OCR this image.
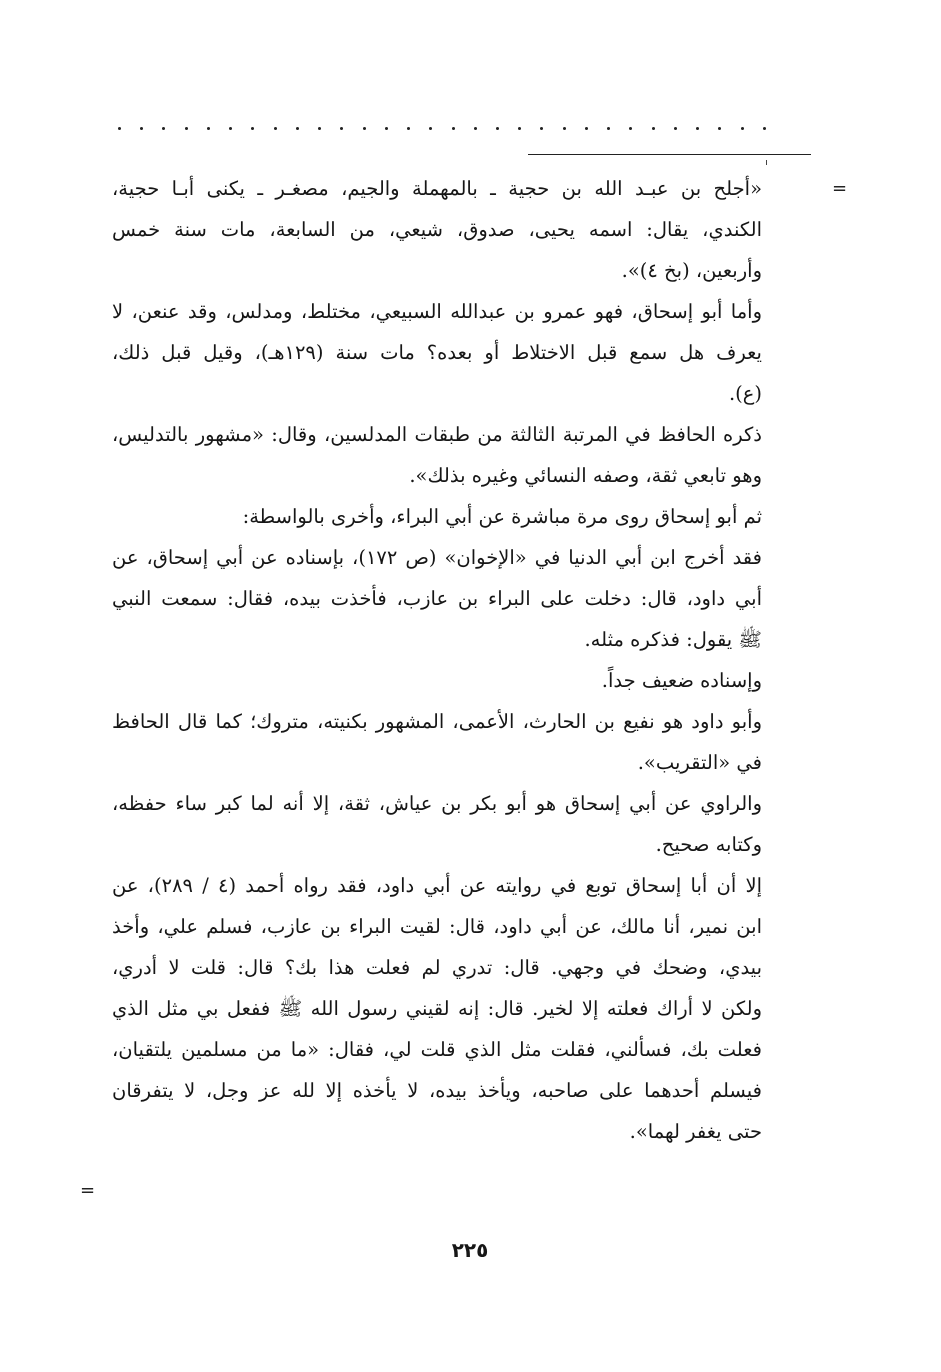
=
«أجلح بن عبـد الله بن حجية ـ بالمهملة والجيم، مصغـر ـ يكنى أبـا حجية،
الكندي، يقال: اسمه يحيى، صدوق، شيعي، من السابعة، مات سنة خمس
وأربعين، (بخ ٤)».
وأما أبو إسحاق، فهو عمرو بن عبدالله السبيعي، مختلط، ومدلس، وقد عنعن، لا
يعرف هل سمع قبل الاختلاط أو بعده؟ مات سنة (١٢٩هـ)، وقيل قبل ذلك،
(ع).
ذكره الحافظ في المرتبة الثالثة من طبقات المدلسين، وقال: «مشهور بالتدليس،
وهو تابعي ثقة، وصفه النسائي وغيره بذلك».
ثم أبو إسحاق روى مرة مباشرة عن أبي البراء، وأخرى بالواسطة:
فقد أخرج ابن أبي الدنيا في «الإخوان» (ص ١٧٢)، بإسناده عن أبي إسحاق، عن
أبي داود، قال: دخلت على البراء بن عازب، فأخذت بيده، فقال: سمعت النبي
ﷺ يقول: فذكره مثله.
وإسناده ضعيف جداً.
وأبو داود هو نفيع بن الحارث، الأعمى، المشهور بكنيته، متروك؛ كما قال الحافظ
في «التقريب».
والراوي عن أبي إسحاق هو أبو بكر بن عياش، ثقة، إلا أنه لما كبر ساء حفظه،
وكتابه صحيح.
إلا أن أبا إسحاق توبع في روايته عن أبي داود، فقد رواه أحمد (٤ / ٢٨٩)، عن
ابن نمير، أنا مالك، عن أبي داود، قال: لقيت البراء بن عازب، فسلم علي، وأخذ
بيدي، وضحك في وجهي. قال: تدري لم فعلت هذا بك؟ قال: قلت لا أدري،
ولكن لا أراك فعلته إلا لخير. قال: إنه لقيني رسول الله ﷺ ففعل بي مثل الذي
فعلت بك، فسألني، فقلت مثل الذي قلت لي، فقال: «ما من مسلمين يلتقيان،
فيسلم أحدهما على صاحبه، ويأخذ بيده، لا يأخذه إلا لله عز وجل، لا يتفرقان
حتى يغفر لهما».
=
٢٢٥
